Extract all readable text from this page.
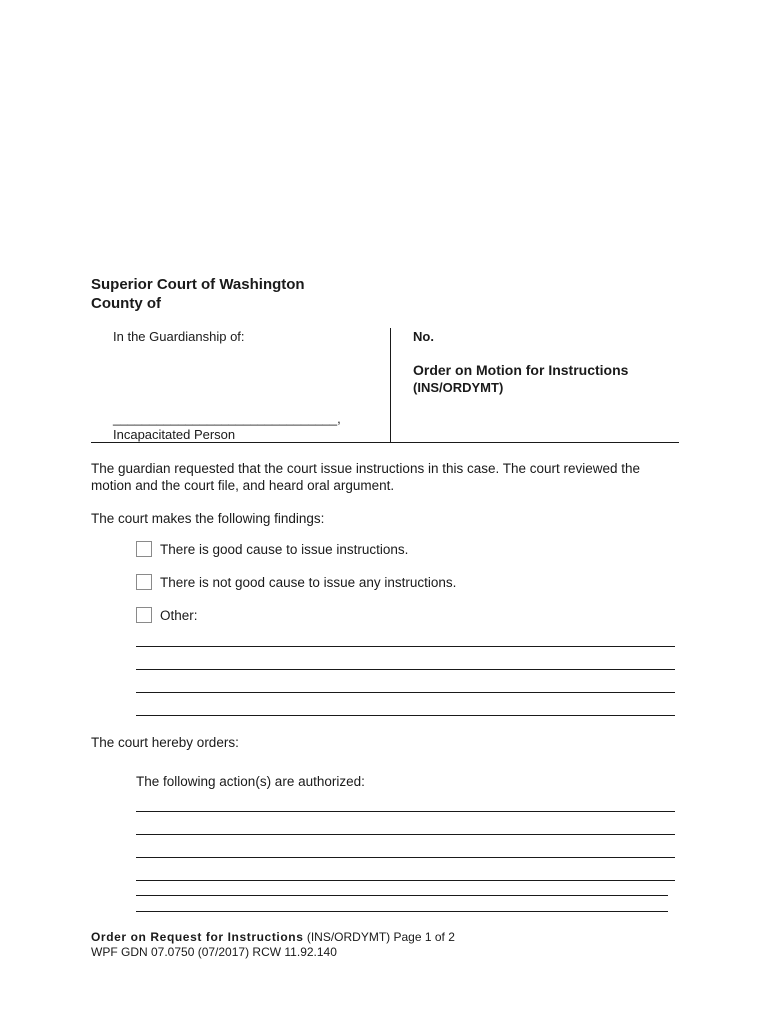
Superior Court of Washington
County of
In the Guardianship of:	No.
Order on Motion for Instructions
(INS/ORDYMT)
_______________________________,
Incapacitated Person
The guardian requested that the court issue instructions in this case. The court reviewed the motion and the court file, and heard oral argument.
The court makes the following findings:
There is good cause to issue instructions.
There is not good cause to issue any instructions.
Other:
The court hereby orders:
The following action(s) are authorized:
Order on Request for Instructions (INS/ORDYMT) Page 1 of 2
WPF GDN 07.0750 (07/2017) RCW 11.92.140
